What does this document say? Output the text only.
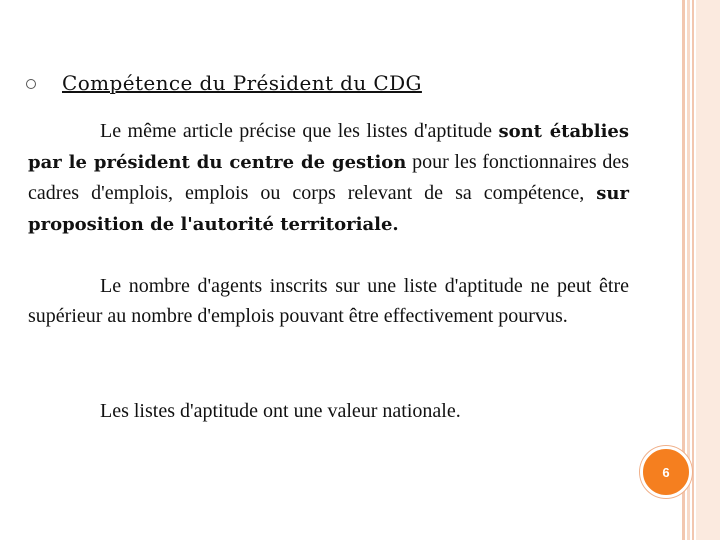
Compétence du Président du CDG

Le même article précise que les listes d'aptitude sont établies par le président du centre de gestion pour les fonctionnaires des cadres d'emplois, emplois ou corps relevant de sa compétence, sur proposition de l'autorité territoriale.

Le nombre d'agents inscrits sur une liste d'aptitude ne peut être supérieur au nombre d'emplois pouvant être effectivement pourvus.

Les listes d'aptitude ont une valeur nationale.

6
